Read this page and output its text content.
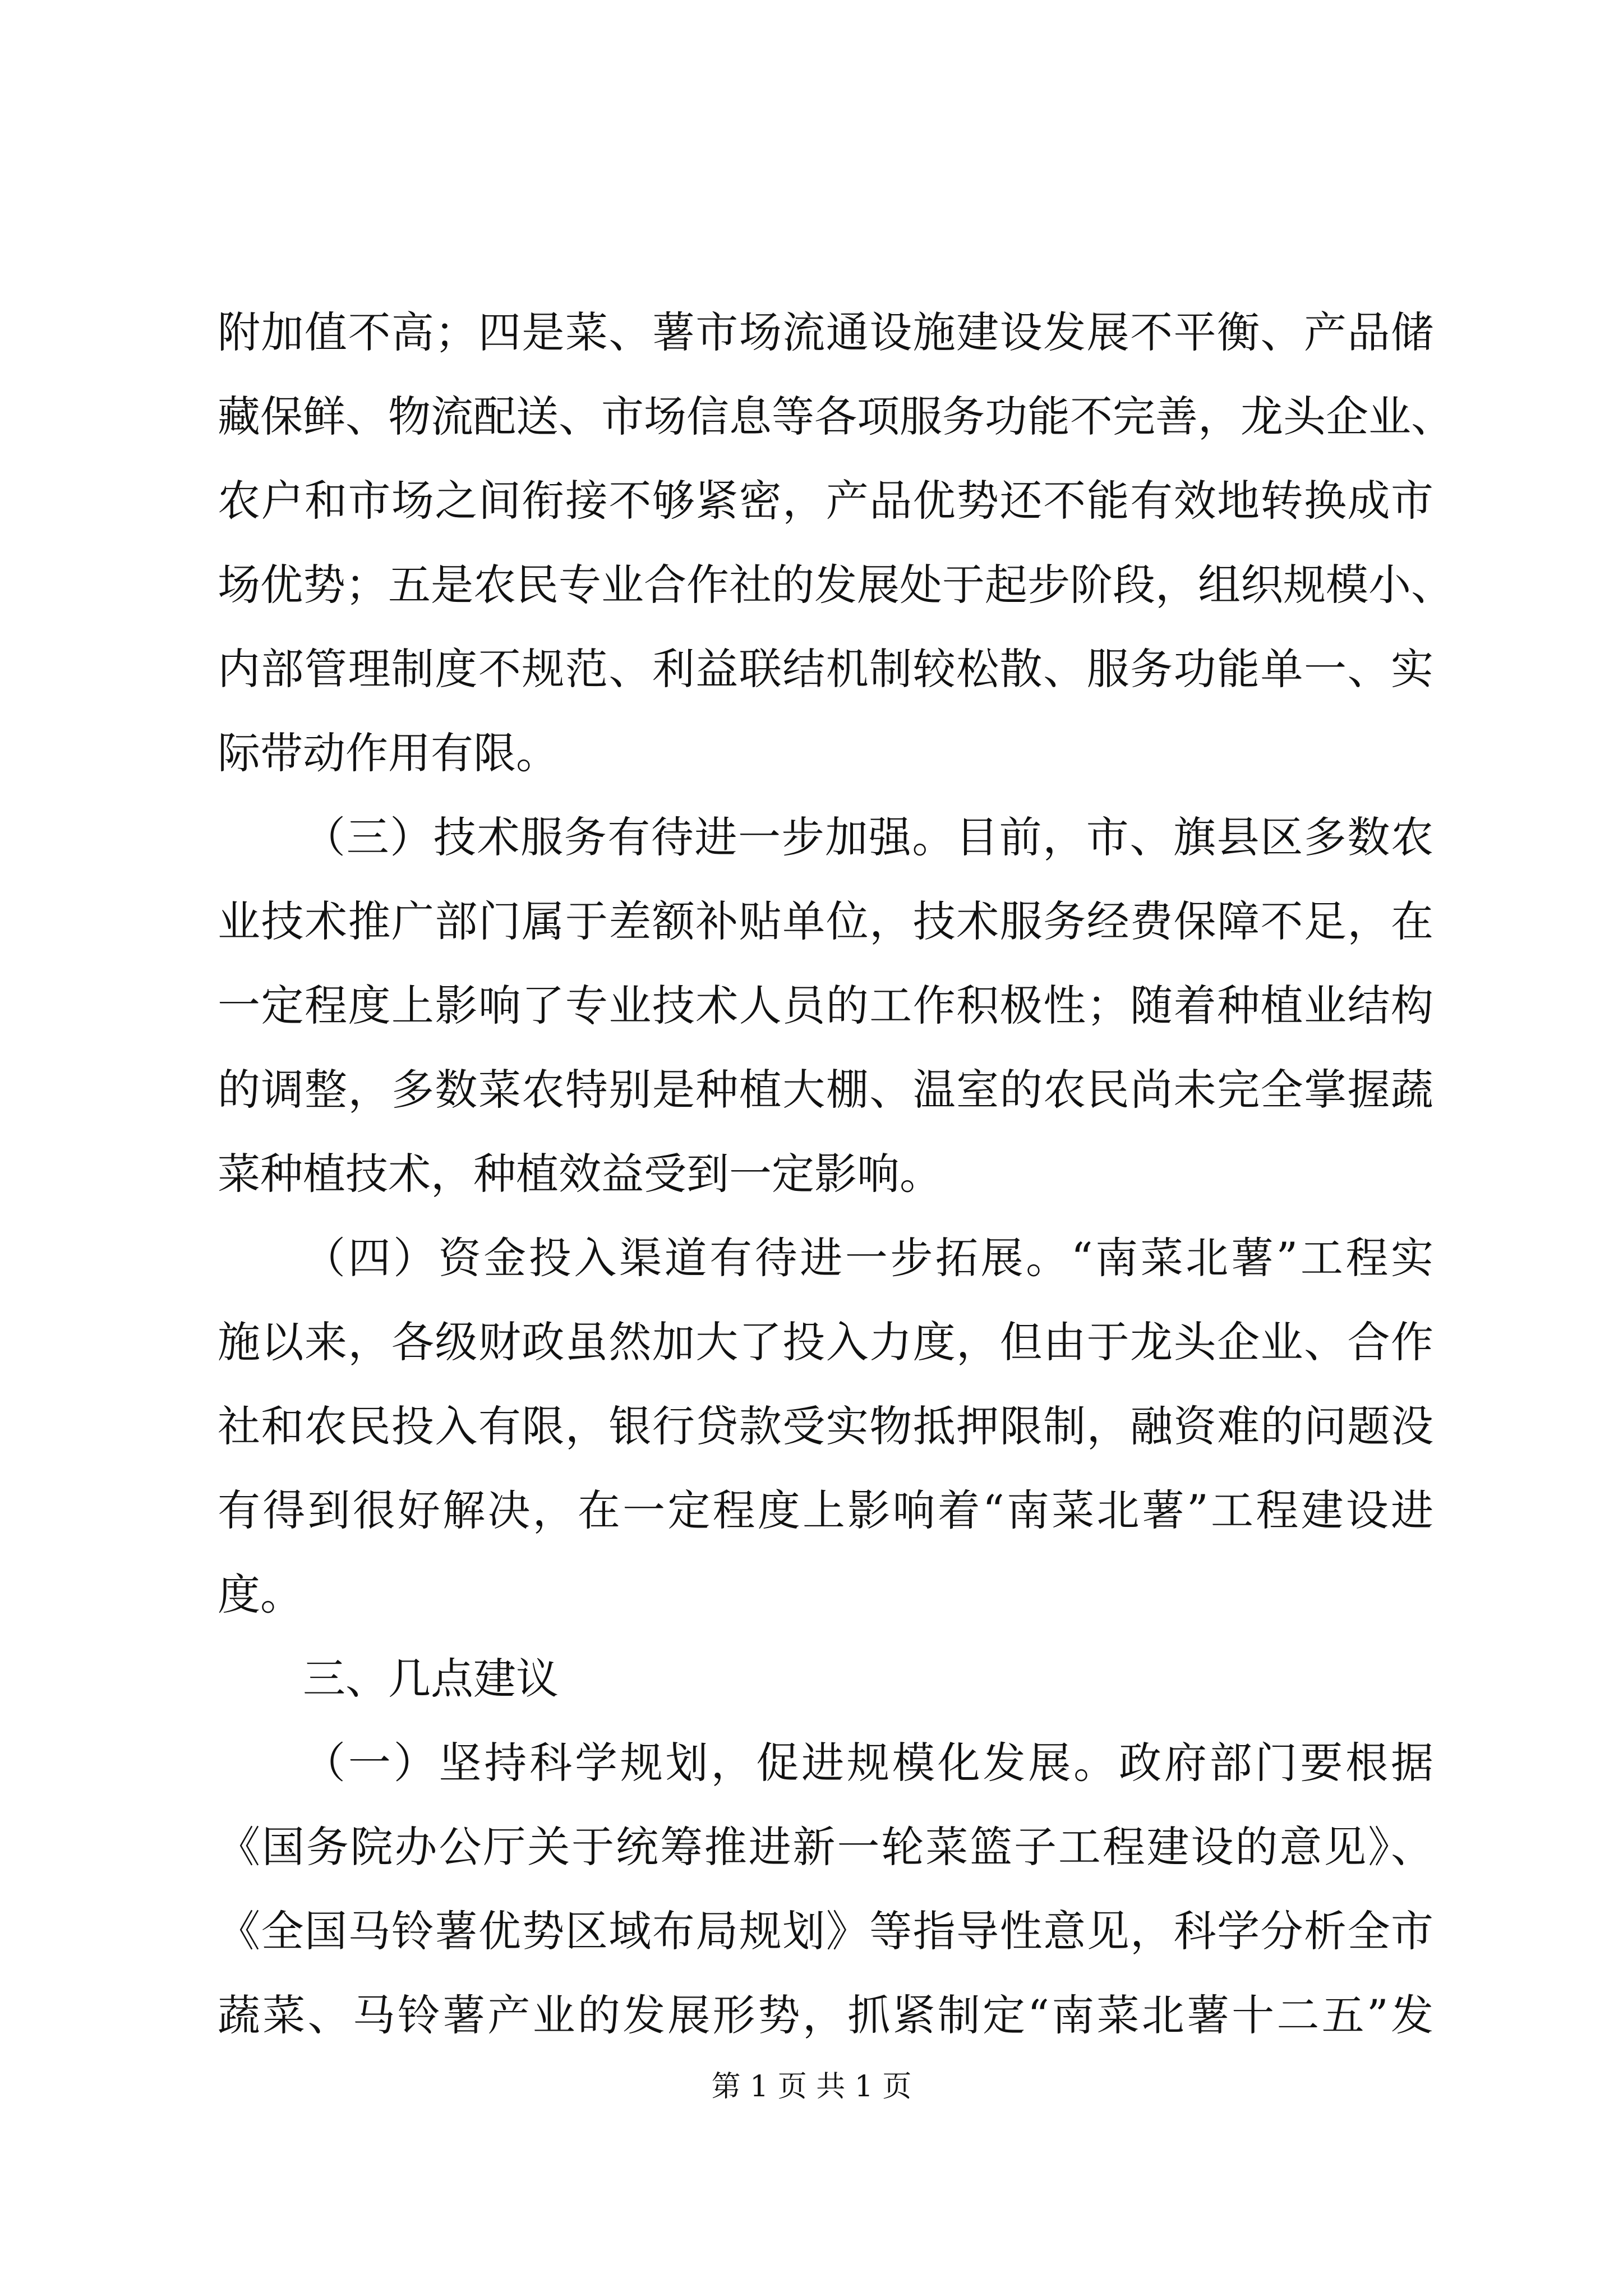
附加值不高；四是菜、薯市场流通设施建设发展不平衡、产品储
藏保鲜、物流配送、市场信息等各项服务功能不完善，龙头企业、
农户和市场之间衔接不够紧密，产品优势还不能有效地转换成市
场优势；五是农民专业合作社的发展处于起步阶段，组织规模小、
内部管理制度不规范、利益联结机制较松散、服务功能单一、实
际带动作用有限。
（三）技术服务有待进一步加强。目前，市、旗县区多数农
业技术推广部门属于差额补贴单位，技术服务经费保障不足，在
一定程度上影响了专业技术人员的工作积极性；随着种植业结构
的调整，多数菜农特别是种植大棚、温室的农民尚未完全掌握蔬
菜种植技术，种植效益受到一定影响。
（四）资金投入渠道有待进一步拓展。“南菜北薯”工程实
施以来，各级财政虽然加大了投入力度，但由于龙头企业、合作
社和农民投入有限，银行贷款受实物抵押限制，融资难的问题没
有得到很好解决，在一定程度上影响着“南菜北薯”工程建设进
度。
三、几点建议
（一）坚持科学规划，促进规模化发展。政府部门要根据
《国务院办公厅关于统筹推进新一轮菜篮子工程建设的意见》、
《全国马铃薯优势区域布局规划》等指导性意见，科学分析全市
蔬菜、马铃薯产业的发展形势，抓紧制定“南菜北薯十二五”发
第 1 页 共 1 页
